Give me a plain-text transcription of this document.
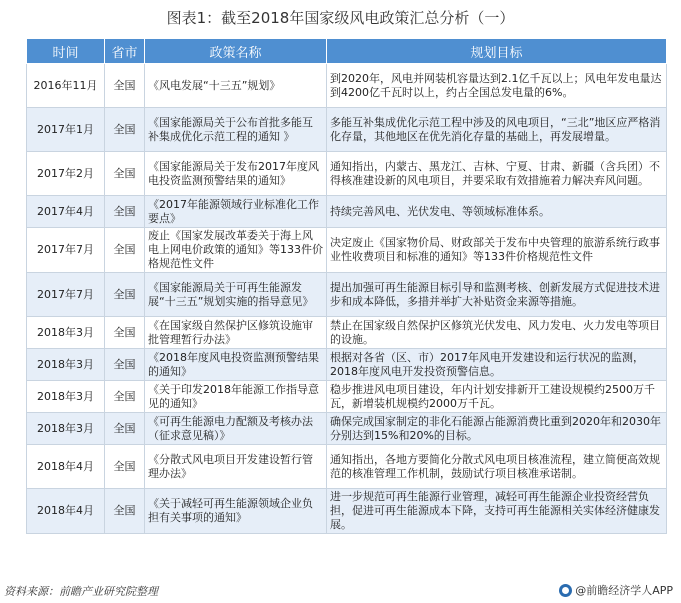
图表1：截至2018年国家级风电政策汇总分析（一）
时间	省市	政策名称	规划目标
2016年11月	全国	《风电发展“十三五”规划》	到2020年，风电并网装机容量达到2.1亿千瓦以上；风电年发电量达到4200亿千瓦时以上，约占全国总发电量的6%。
2017年1月	全国	《国家能源局关于公布首批多能互补集成优化示范工程的通知 》	多能互补集成优化示范工程中涉及的风电项目，“三北”地区应严格消化存量，其他地区在优先消化存量的基础上，再发展增量。
2017年2月	全国	《国家能源局关于发布2017年度风电投资监测预警结果的通知》	通知指出，内蒙古、黑龙江、吉林、宁夏、甘肃、新疆（含兵团）不得核准建设新的风电项目，并要采取有效措施着力解决弃风问题。
2017年4月	全国	《2017年能源领域行业标准化工作要点》	持续完善风电、光伏发电、等领域标准体系。
2017年7月	全国	废止《国家发展改革委关于海上风电上网电价政策的通知》等133件价格规范性文件	决定废止《国家物价局、财政部关于发布中央管理的旅游系统行政事业性收费项目和标准的通知》等133件价格规范性文件
2017年7月	全国	《国家能源局关于可再生能源发展“十三五”规划实施的指导意见》	提出加强可再生能源目标引导和监测考核、创新发展方式促进技术进步和成本降低，多措并举扩大补贴资金来源等措施。
2018年3月	全国	《在国家级自然保护区修筑设施审批管理暂行办法》	禁止在国家级自然保护区修筑光伏发电、风力发电、火力发电等项目的设施。
2018年3月	全国	《2018年度风电投资监测预警结果的通知》	根据对各省（区、市）2017年风电开发建设和运行状况的监测，2018年度风电开发投资预警信息。
2018年3月	全国	《关于印发2018年能源工作指导意见的通知》	稳步推进风电项目建设，年内计划安排新开工建设规模约2500万千瓦，新增装机规模约2000万千瓦。
2018年3月	全国	《可再生能源电力配额及考核办法（征求意见稿）》	确保完成国家制定的非化石能源占能源消费比重到2020年和2030年分别达到15%和20%的目标。
2018年4月	全国	《分散式风电项目开发建设暂行管理办法》	通知指出，各地方要简化分散式风电项目核准流程，建立简便高效规范的核准管理工作机制，鼓励试行项目核准承诺制。
2018年4月	全国	《关于减轻可再生能源领域企业负担有关事项的通知》	进一步规范可再生能源行业管理，减轻可再生能源企业投资经营负担，促进可再生能源成本下降，支持可再生能源相关实体经济健康发展。
资料来源：前瞻产业研究院整理	@前瞻经济学人APP
